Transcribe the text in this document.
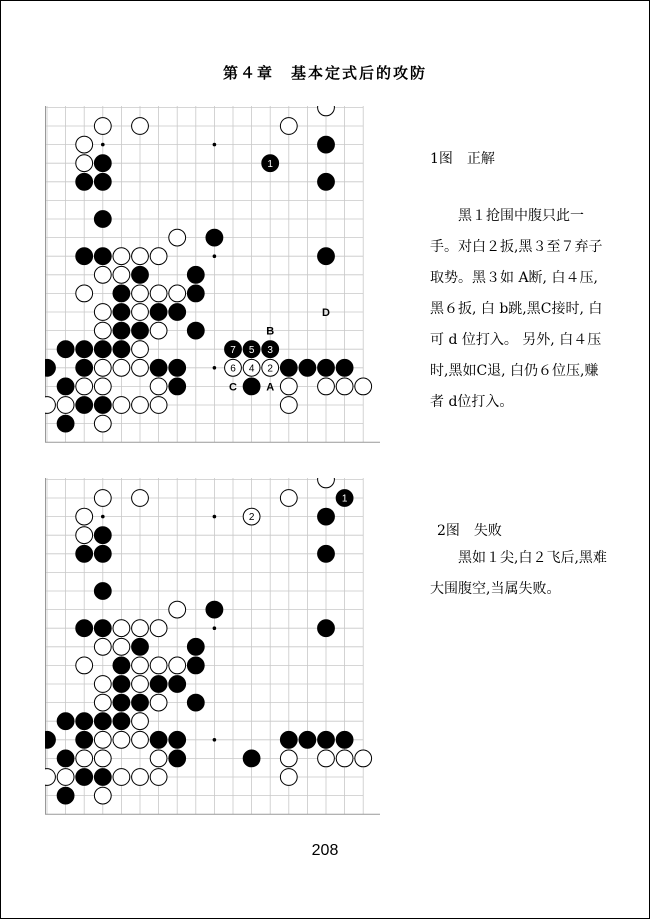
第４章　基本定式后的攻防
1
7 5 3
6 4 2
B
D
C	A
1图　正解
黑１抢围中腹只此一手。对白２扳,黑３至７弃子取势。黑３如 A断, 白４压,黑６扳, 白 b跳,黑C接时, 白可 d 位打入。 另外, 白４压时,黑如C退, 白仍６位压,赚者 d位打入。
1
2
2图　失败
黑如１尖,白２飞后,黑难大围腹空,当属失败。
208
